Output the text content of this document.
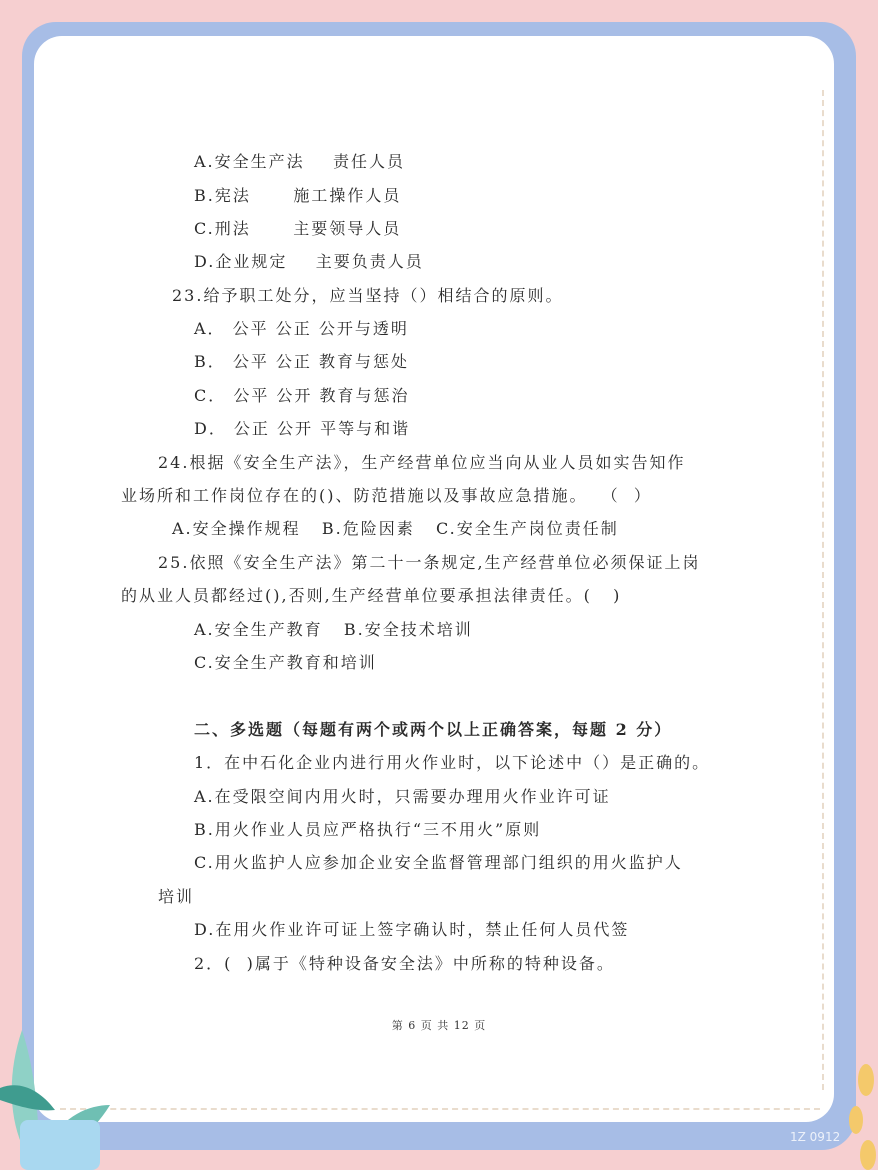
A.安全生产法    责任人员

B.宪法      施工操作人员

C.刑法      主要领导人员

D.企业规定    主要负责人员

23.给予职工处分，应当坚持（）相结合的原则。

A． 公平 公正 公开与透明

B． 公平 公正 教育与惩处

C． 公平 公开 教育与惩治

D． 公正 公开 平等与和谐

24.根据《安全生产法》，生产经营单位应当向从业人员如实告知作

业场所和工作岗位存在的()、防范措施以及事故应急措施。  （  ）

A.安全操作规程   B.危险因素   C.安全生产岗位责任制

25.依照《安全生产法》第二十一条规定,生产经营单位必须保证上岗

的从业人员都经过(),否则,生产经营单位要承担法律责任。(   )

A.安全生产教育   B.安全技术培训

C.安全生产教育和培训

二、多选题（每题有两个或两个以上正确答案，每题 2 分）

1．在中石化企业内进行用火作业时，以下论述中（）是正确的。

A.在受限空间内用火时，只需要办理用火作业许可证

B.用火作业人员应严格执行“三不用火”原则

C.用火监护人应参加企业安全监督管理部门组织的用火监护人

培训

D.在用火作业许可证上签字确认时，禁止任何人员代签

2．(  )属于《特种设备安全法》中所称的特种设备。

第 6 页 共 12 页
1Z 0912
